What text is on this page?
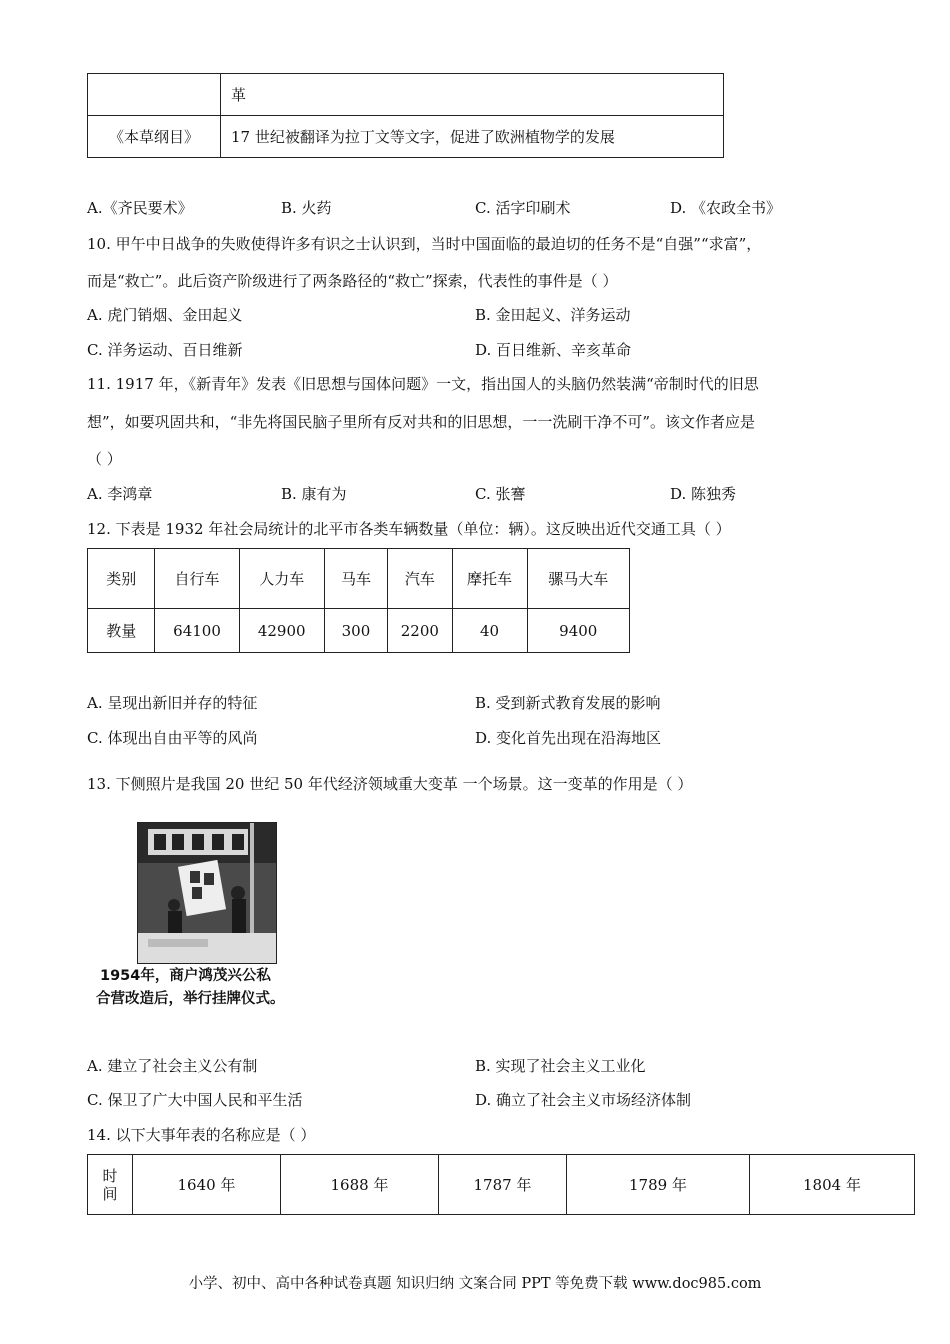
	革
《本草纲目》	17 世纪被翻译为拉丁文等文字，促进了欧洲植物学的发展
A.《齐民要术》	B. 火药	C. 活字印刷术	D. 《农政全书》
10. 甲午中日战争的失败使得许多有识之士认识到，当时中国面临的最迫切的任务不是“自强”“求富”，
而是“救亡”。此后资产阶级进行了两条路径的“救亡”探索，代表性的事件是（ ）
A. 虎门销烟、金田起义	B. 金田起义、洋务运动
C. 洋务运动、百日维新	D. 百日维新、辛亥革命
11. 1917 年，《新青年》发表《旧思想与国体问题》一文，指出国人的头脑仍然装满“帝制时代的旧思
想”，如要巩固共和，“非先将国民脑子里所有反对共和的旧思想，一一洗刷干净不可”。该文作者应是
（ ）
A. 李鸿章	B. 康有为	C. 张謇	D. 陈独秀
12. 下表是 1932 年社会局统计的北平市各类车辆数量（单位：辆）。这反映出近代交通工具（ ）
类别	自行车	人力车	马车	汽车	摩托车	骡马大车
教量	64100	42900	300	2200	40	9400
A. 呈现出新旧并存的特征	B. 受到新式教育发展的影响
C. 体现出自由平等的风尚	D. 变化首先出现在沿海地区
13. 下侧照片是我国 20 世纪 50 年代经济领域重大变革 一个场景。这一变革的作用是（ ）
1954年，商户鸿茂兴公私
合营改造后，举行挂牌仪式。
A. 建立了社会主义公有制	B. 实现了社会主义工业化
C. 保卫了广大中国人民和平生活	D. 确立了社会主义市场经济体制
14. 以下大事年表的名称应是（ ）
时间	1640 年	1688 年	1787 年	1789 年	1804 年
小学、初中、高中各种试卷真题 知识归纳 文案合同 PPT 等免费下载 www.doc985.com
